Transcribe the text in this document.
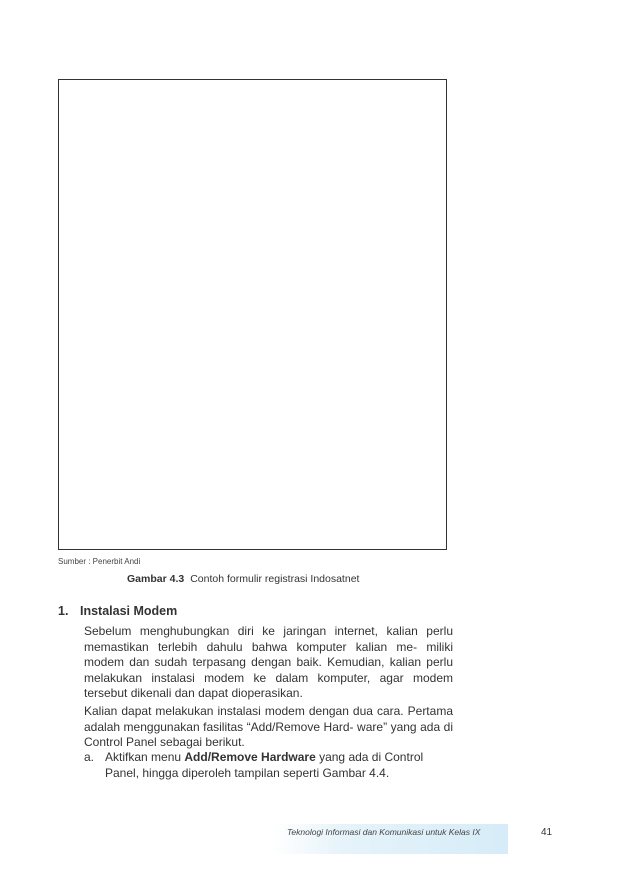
Sumber : Penerbit Andi
Gambar 4.3 Contoh formulir registrasi Indosatnet
1. Instalasi Modem

Sebelum menghubungkan diri ke jaringan internet, kalian perlu memastikan terlebih dahulu bahwa komputer kalian me- miliki modem dan sudah terpasang dengan baik. Kemudian, kalian perlu melakukan instalasi modem ke dalam komputer, agar modem tersebut dikenali dan dapat dioperasikan.

Kalian dapat melakukan instalasi modem dengan dua cara. Pertama adalah menggunakan fasilitas “Add/Remove Hard- ware” yang ada di Control Panel sebagai berikut.

a. Aktifkan menu Add/Remove Hardware yang ada di Control Panel, hingga diperoleh tampilan seperti Gambar 4.4.
Teknologi Informasi dan Komunikasi untuk Kelas IX	41
